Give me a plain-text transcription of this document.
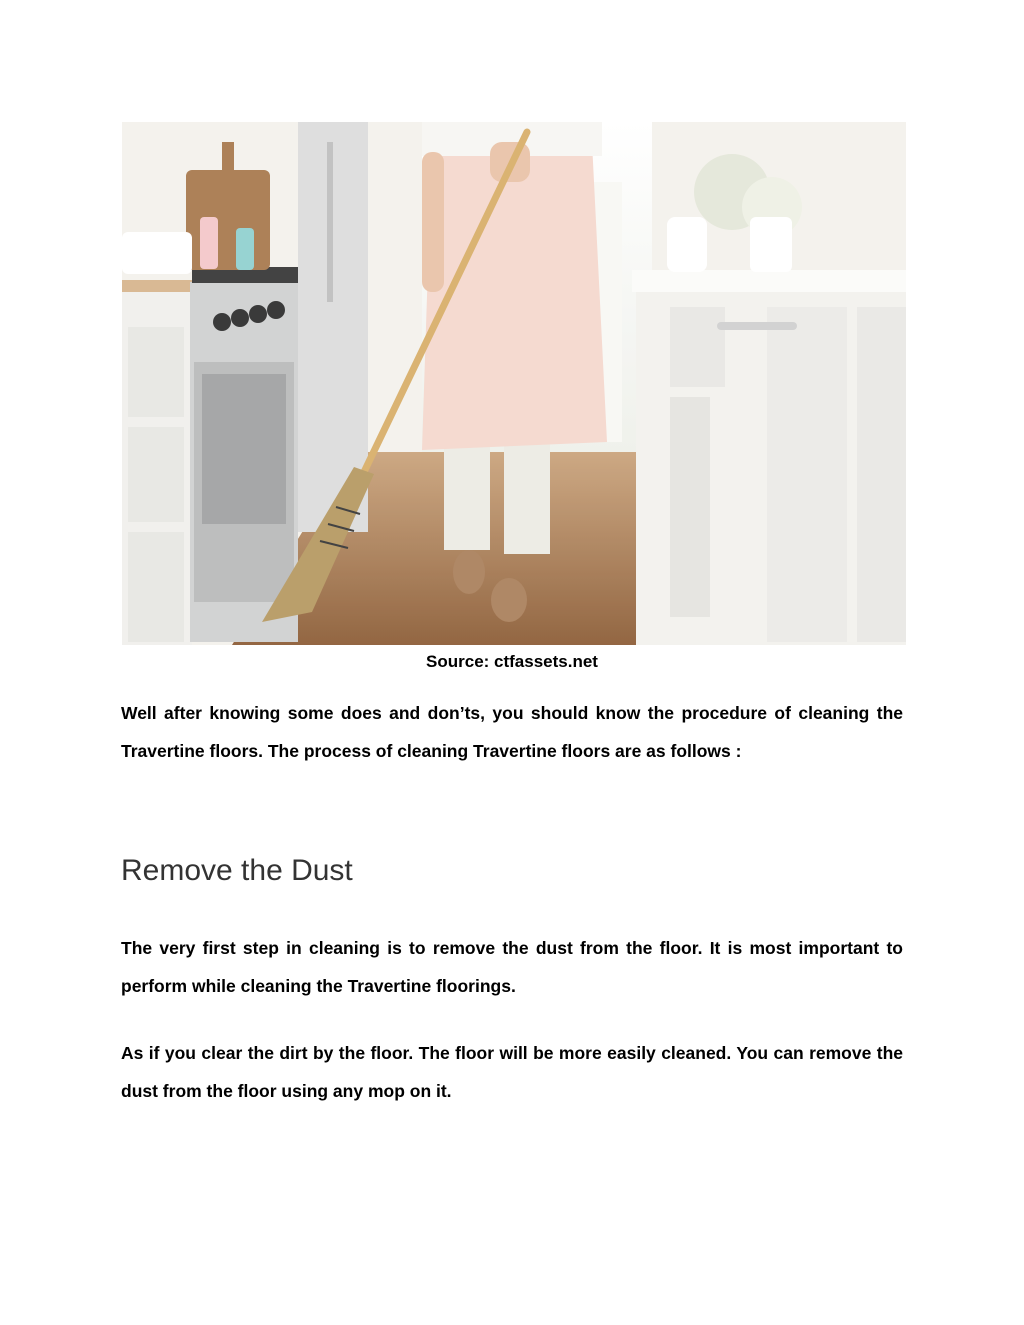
Source: ctfassets.net

Well after knowing some does and don’ts, you should know the procedure of cleaning the Travertine floors. The process of cleaning Travertine floors are as follows :

Remove the Dust

The very first step in cleaning is to remove the dust from the floor. It is most important to perform while cleaning the Travertine floorings.

As if you clear the dirt by the floor. The floor will be more easily cleaned. You can remove the dust from the floor using any mop on it.
